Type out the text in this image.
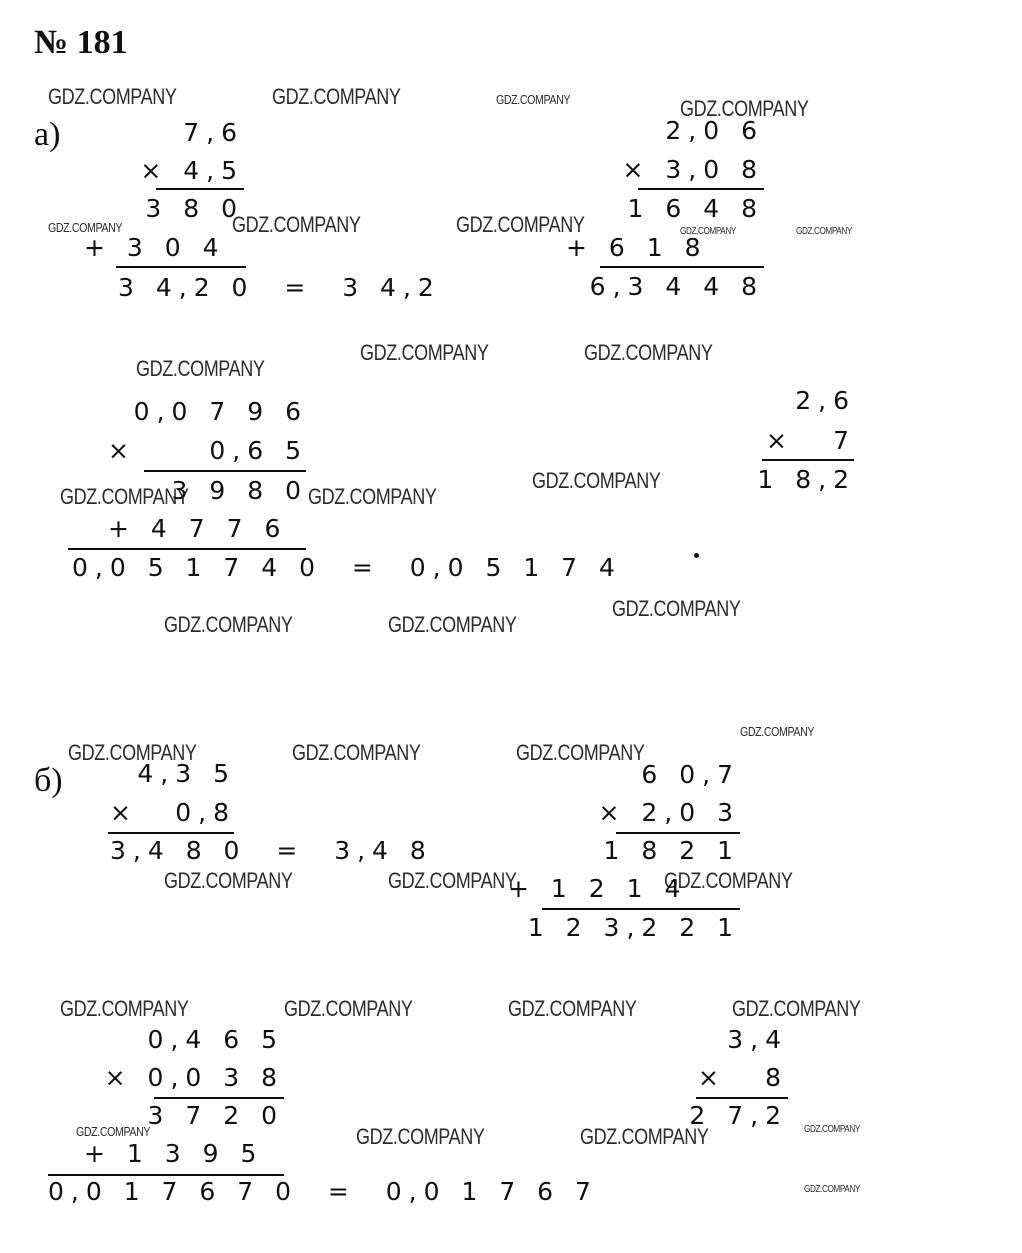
№ 181
а)
б)
GDZ.COMPANY	GDZ.COMPANY	GDZ.COMPANY	GDZ.COMPANY
GDZ.COMPANY	GDZ.COMPANY	GDZ.COMPANY	GDZ.COMPANY	GDZ.COMPANY
GDZ.COMPANY
GDZ.COMPANY	GDZ.COMPANY
GDZ.COMPANY	GDZ.COMPANY
GDZ.COMPANY
GDZ.COMPANY	GDZ.COMPANY
GDZ.COMPANY
GDZ.COMPANY
GDZ.COMPANY	GDZ.COMPANY	GDZ.COMPANY
GDZ.COMPANY	GDZ.COMPANY	GDZ.COMPANY
GDZ.COMPANY	GDZ.COMPANY	GDZ.COMPANY	GDZ.COMPANY
GDZ.COMPANY	GDZ.COMPANY	GDZ.COMPANY	GDZ.COMPANY
GDZ.COMPANY
7,6
× 4,5
3 8 0
+ 3 0 4
3 4,2 0  =  3 4,2
2,0 6
× 3,0 8
1 6 4 8
+ 6 1 8
6,3 4 4 8
0,0 7 9 6
×	0,6 5
3 9 8 0
+ 4 7 7 6
0,0 5 1 7 4 0  =  0,0 5 1 7 4
2,6
× 7
1 8,2
4,3 5
× 0,8
3,4 8 0  =  3,4 8
6 0,7
× 2,0 3
1 8 2 1
+ 1 2 1 4
1 2 3,2 2 1
0,4 6 5
× 0,0 3 8
3 7 2 0
+ 1 3 9 5
0,0 1 7 6 7 0  =  0,0 1 7 6 7
3,4
× 8
2 7,2
